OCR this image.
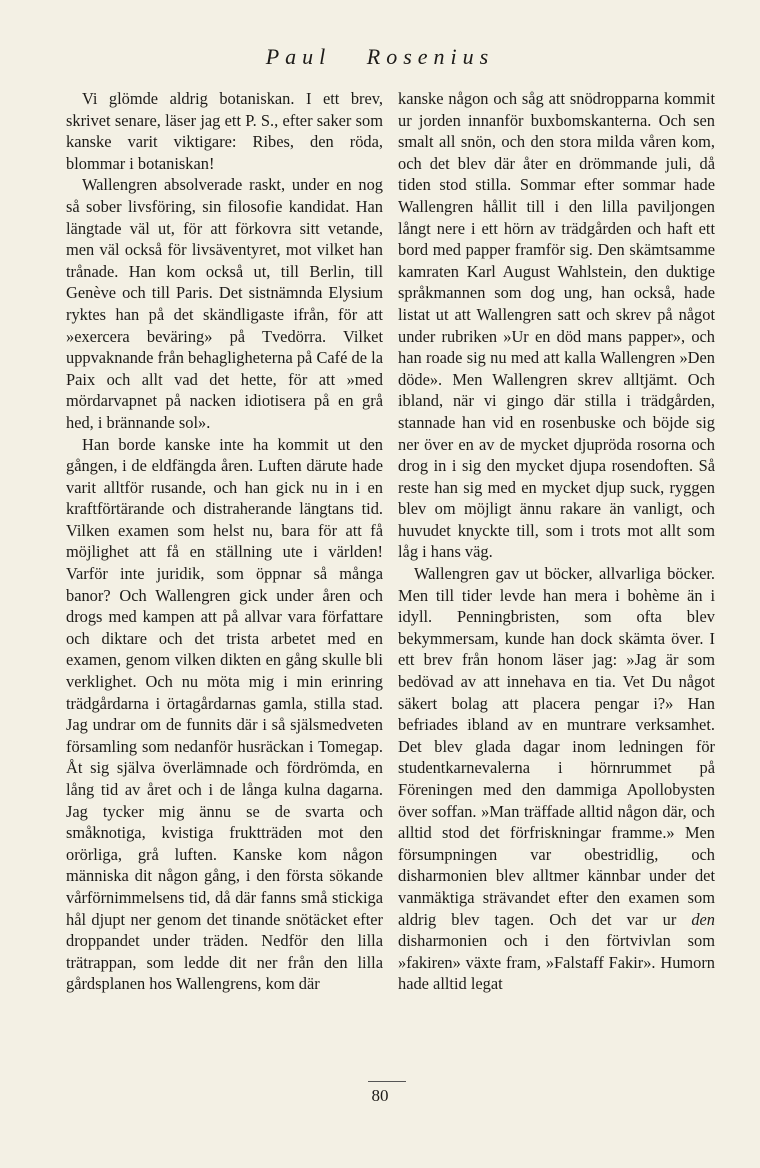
Paul Rosenius

Vi glömde aldrig botaniskan. I ett brev, skrivet senare, läser jag ett P. S., efter saker som kanske varit viktigare: Ribes, den röda, blommar i botaniskan!

Wallengren absolverade raskt, under en nog så sober livsföring, sin filosofie kandidat. Han längtade väl ut, för att förkovra sitt vetande, men väl också för livsäventyret, mot vilket han trånade. Han kom också ut, till Berlin, till Genève och till Paris. Det sistnämnda Elysium ryktes han på det skändligaste ifrån, för att »exercera beväring» på Tvedörra. Vilket uppvaknande från behagligheterna på Café de la Paix och allt vad det hette, för att »med mördarvapnet på nacken idiotisera på en grå hed, i brännande sol».

Han borde kanske inte ha kommit ut den gången, i de eldfängda åren. Luften därute hade varit alltför rusande, och han gick nu in i en kraftförtärande och distraherande längtans tid. Vilken examen som helst nu, bara för att få möjlighet att få en ställning ute i världen! Varför inte juridik, som öppnar så många banor? Och Wallengren gick under åren och drogs med kampen att på allvar vara författare och diktare och det trista arbetet med en examen, genom vilken dikten en gång skulle bli verklighet. Och nu möta mig i min erinring trädgårdarna i örtagårdarnas gamla, stilla stad. Jag undrar om de funnits där i så själsmedveten församling som nedanför husräckan i Tomegap. Åt sig själva överlämnade och fördrömda, en lång tid av året och i de långa kulna dagarna. Jag tycker mig ännu se de svarta och småknotiga, kvistiga fruktträden mot den orörliga, grå luften. Kanske kom någon människa dit någon gång, i den första sökande vårförnimmelsens tid, då där fanns små stickiga hål djupt ner genom det tinande snötäcket efter droppandet under träden. Nedför den lilla trätrappan, som ledde dit ner från den lilla gårdsplanen hos Wallengrens, kom där

kanske någon och såg att snödropparna kommit ur jorden innanför buxbomskanterna. Och sen smalt all snön, och den stora milda våren kom, och det blev där åter en drömmande juli, då tiden stod stilla. Sommar efter sommar hade Wallengren hållit till i den lilla paviljongen långt nere i ett hörn av trädgården och haft ett bord med papper framför sig. Den skämtsamme kamraten Karl August Wahlstein, den duktige språkmannen som dog ung, han också, hade listat ut att Wallengren satt och skrev på något under rubriken »Ur en död mans papper», och han roade sig nu med att kalla Wallengren »Den döde». Men Wallengren skrev alltjämt. Och ibland, när vi gingo där stilla i trädgården, stannade han vid en rosenbuske och böjde sig ner över en av de mycket djupröda rosorna och drog in i sig den mycket djupa rosendoften. Så reste han sig med en mycket djup suck, ryggen blev om möjligt ännu rakare än vanligt, och huvudet knyckte till, som i trots mot allt som låg i hans väg.

Wallengren gav ut böcker, allvarliga böcker. Men till tider levde han mera i bohème än i idyll. Penningbristen, som ofta blev bekymmersam, kunde han dock skämta över. I ett brev från honom läser jag: »Jag är som bedövad av att innehava en tia. Vet Du något säkert bolag att placera pengar i?» Han befriades ibland av en muntrare verksamhet. Det blev glada dagar inom ledningen för studentkarnevalerna i hörnrummet på Föreningen med den dammiga Apollobysten över soffan. »Man träffade alltid någon där, och alltid stod det förfriskningar framme.» Men försumpningen var obestridlig, och disharmonien blev alltmer kännbar under det vanmäktiga strävandet efter den examen som aldrig blev tagen. Och det var ur den disharmonien och i den förtvivlan som »fakiren» växte fram, »Falstaff Fakir». Humorn hade alltid legat

80
